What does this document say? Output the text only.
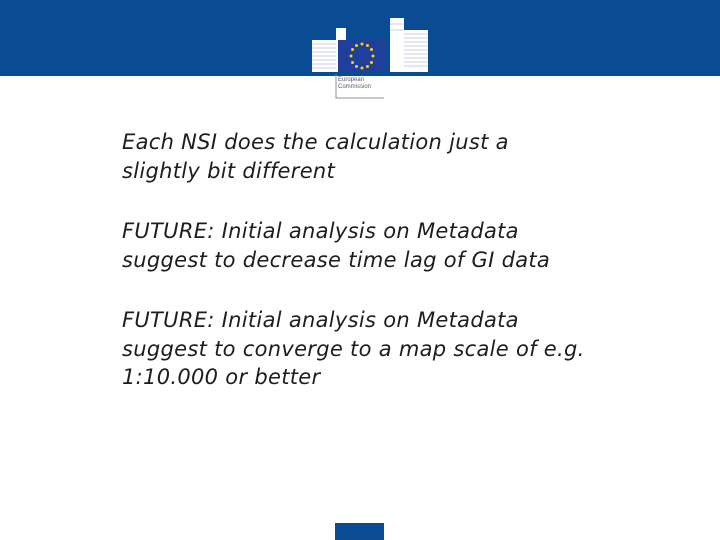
European
Commission

Each NSI does the calculation just a slightly bit different

FUTURE: Initial analysis on Metadata suggest to decrease time lag of GI data

FUTURE: Initial analysis on Metadata suggest to converge to a map scale of e.g. 1:10.000 or better
